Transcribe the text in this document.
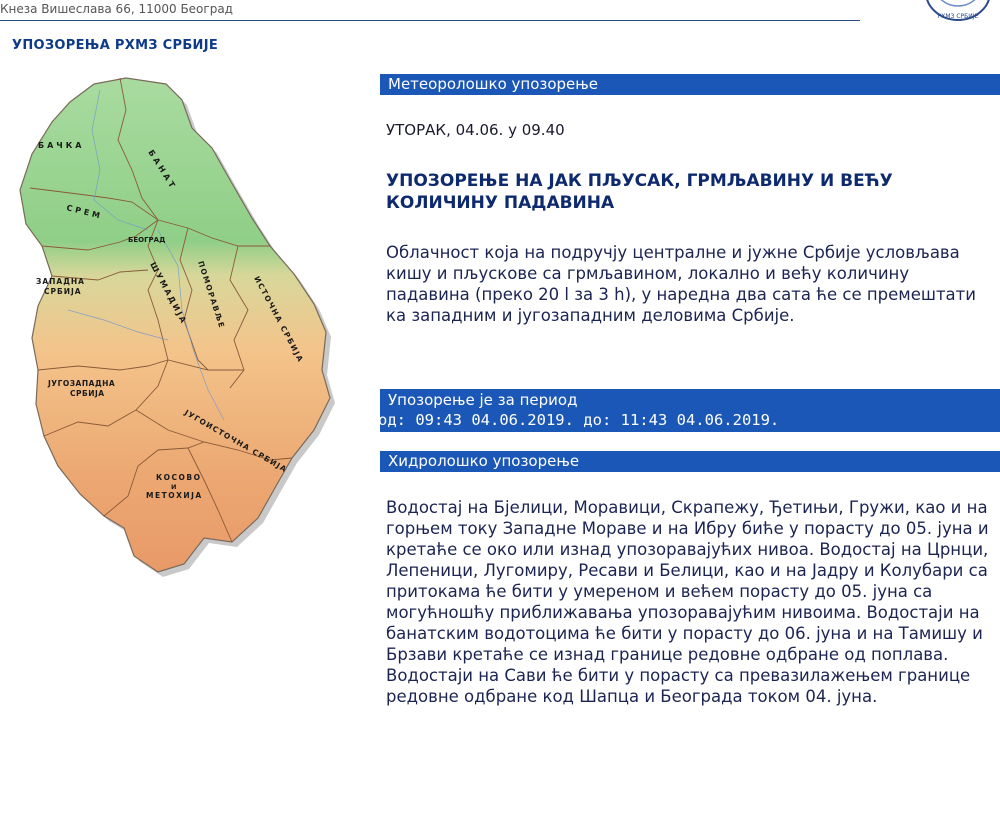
Кнеза Вишеслава 66, 11000 Београд
РХМЗ СРБИЈЕ
УПОЗОРЕЊА РХМЗ СРБИЈЕ
БАЧКА
БАНАТ
СРЕМ
БЕОГРАД
ЗАПАДНА
СРБИЈА	ШУМАДИЈА ПОМОРАВЉЕ	ИСТОЧНА СРБИЈА
ЈУГОЗАПАДНА
СРБИЈА
ЈУГОИСТОЧНА СРБИЈА
КОСОВО
И
МЕТОХИЈА
Метеоролошко упозорење
УТОРАК, 04.06. у 09.40
УПОЗОРЕЊЕ НА ЈАК ПЉУСАК, ГРМЉАВИНУ И ВЕЋУ КОЛИЧИНУ ПАДАВИНА
Облачност која на подручју централне и јужне Србије условљава кишу и пљускове са грмљавином, локално и већу количину падавина (преко 20 l за 3 h), у наредна два сата ће се премештати ка западним и југозападним деловима Србије.
Упозорење је за период
од: 09:43 04.06.2019. до: 11:43 04.06.2019.
Хидролошко упозорење
Водостај на Бјелици, Моравици, Скрапежу, Ђетињи, Гружи, као и на горњем току Западне Мораве и на Ибру биће у порасту до 05. јуна и кретаће се око или изнад упозоравајућих нивоа. Водостај на Црнци, Лепеници, Лугомиру, Ресави и Белици, као и на Јадру и Колубари са притокама ће бити у умереном и већем порасту до 05. јуна са могућношћу приближавања упозоравајућим нивоима. Водостаји на банатским водотоцима ће бити у порасту до 06. јуна и на Тамишу и Брзави кретаће се изнад границе редовне одбране од поплава. Водостаји на Сави ће бити у порасту са превазилажењем границе редовне одбране код Шапца и Београда током 04. јуна.
